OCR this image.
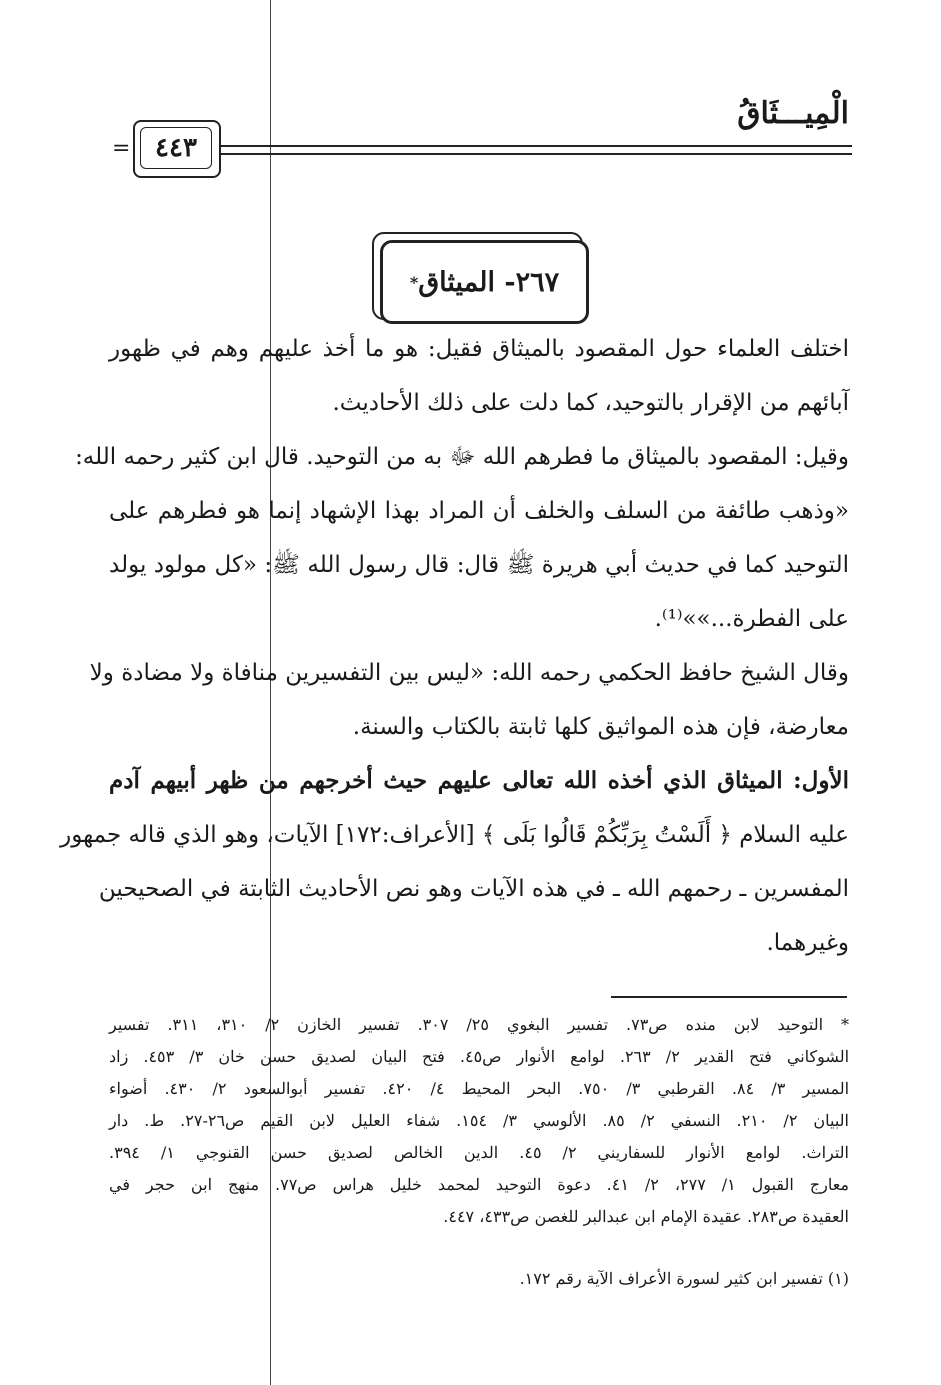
الْمِيـــثَاقُ
٤٤٣
=
٢٦٧- الميثاق
*
اختلف العلماء حول المقصود بالميثاق فقيل: هو ما أخذ عليهم وهم في ظهور
آبائهم من الإقرار بالتوحيد، كما دلت على ذلك الأحاديث.
وقيل: المقصود بالميثاق ما فطرهم الله ﷻ به من التوحيد. قال ابن كثير رحمه الله:
«وذهب طائفة من السلف والخلف أن المراد بهذا الإشهاد إنما هو فطرهم على
التوحيد كما في حديث أبي هريرة ﷺ قال: قال رسول الله ﷺ: «كل مولود يولد
على الفطرة...»»⁽¹⁾.
وقال الشيخ حافظ الحكمي رحمه الله: «ليس بين التفسيرين منافاة ولا مضادة ولا
معارضة، فإن هذه المواثيق كلها ثابتة بالكتاب والسنة.
الأول: الميثاق الذي أخذه الله تعالى عليهم حيث أخرجهم من ظهر أبيهم آدم
عليه السلام ﴿ أَلَسْتُ بِرَبِّكُمْ قَالُوا بَلَى ﴾ [الأعراف:١٧٢] الآيات، وهو الذي قاله جمهور
المفسرين ـ رحمهم الله ـ في هذه الآيات وهو نص الأحاديث الثابتة في الصحيحين
وغيرهما.
* التوحيد لابن منده ص٧٣. تفسير البغوي ٢٥/ ٣٠٧. تفسير الخازن ٢/ ٣١٠، ٣١١. تفسير
الشوكاني فتح القدير ٢/ ٢٦٣. لوامع الأنوار ص٤٥. فتح البيان لصديق حسن خان ٣/ ٤٥٣. زاد
المسير ٣/ ٨٤. القرطبي ٣/ ٧٥٠. البحر المحيط ٤/ ٤٢٠. تفسير أبوالسعود ٢/ ٤٣٠. أضواء
البيان ٢/ ٢١٠. النسفي ٢/ ٨٥. الألوسي ٣/ ١٥٤. شفاء العليل لابن القيم ص٢٦-٢٧. ط. دار
التراث. لوامع الأنوار للسفاريني ٢/ ٤٥. الدين الخالص لصديق حسن القنوجي ١/ ٣٩٤.
معارج القبول ١/ ٢٧٧، ٢/ ٤١. دعوة التوحيد لمحمد خليل هراس ص٧٧. منهج ابن حجر في
العقيدة ص٢٨٣. عقيدة الإمام ابن عبدالبر للغصن ص٤٣٣، ٤٤٧.
(١) تفسير ابن كثير لسورة الأعراف الآية رقم ١٧٢.
